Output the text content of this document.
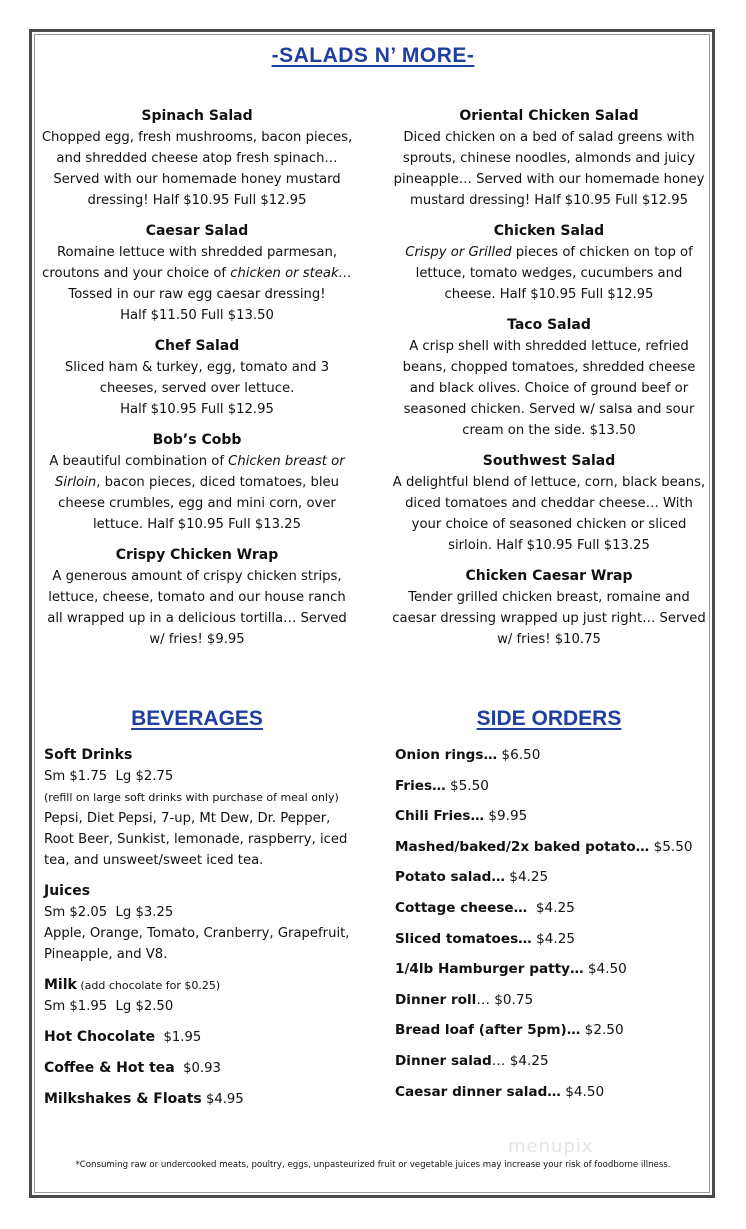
-SALADS N’ MORE-
Spinach Salad
Chopped egg, fresh mushrooms, bacon pieces,
and shredded cheese atop fresh spinach…
Served with our homemade honey mustard
dressing! Half $10.95 Full $12.95
Caesar Salad
Romaine lettuce with shredded parmesan,
croutons and your choice of chicken or steak…
Tossed in our raw egg caesar dressing!
Half $11.50 Full $13.50
Chef Salad
Sliced ham & turkey, egg, tomato and 3
cheeses, served over lettuce.
Half $10.95 Full $12.95
Bob’s Cobb
A beautiful combination of Chicken breast or
Sirloin, bacon pieces, diced tomatoes, bleu
cheese crumbles, egg and mini corn, over
lettuce. Half $10.95 Full $13.25
Crispy Chicken Wrap
A generous amount of crispy chicken strips,
lettuce, cheese, tomato and our house ranch
all wrapped up in a delicious tortilla… Served
w/ fries! $9.95
Oriental Chicken Salad
Diced chicken on a bed of salad greens with
sprouts, chinese noodles, almonds and juicy
pineapple… Served with our homemade honey
mustard dressing! Half $10.95 Full $12.95
Chicken Salad
Crispy or Grilled pieces of chicken on top of
lettuce, tomato wedges, cucumbers and
cheese. Half $10.95 Full $12.95
Taco Salad
A crisp shell with shredded lettuce, refried
beans, chopped tomatoes, shredded cheese
and black olives. Choice of ground beef or
seasoned chicken. Served w/ salsa and sour
cream on the side. $13.50
Southwest Salad
A delightful blend of lettuce, corn, black beans,
diced tomatoes and cheddar cheese… With
your choice of seasoned chicken or sliced
sirloin. Half $10.95 Full $13.25
Chicken Caesar Wrap
Tender grilled chicken breast, romaine and
caesar dressing wrapped up just right… Served
w/ fries! $10.75
BEVERAGES	SIDE ORDERS
Soft Drinks
Sm $1.75  Lg $2.75
(refill on large soft drinks with purchase of meal only)
Pepsi, Diet Pepsi, 7-up, Mt Dew, Dr. Pepper,
Root Beer, Sunkist, lemonade, raspberry, iced
tea, and unsweet/sweet iced tea.
Juices
Sm $2.05  Lg $3.25
Apple, Orange, Tomato, Cranberry, Grapefruit,
Pineapple, and V8.
Milk (add chocolate for $0.25)
Sm $1.95  Lg $2.50
Hot Chocolate  $1.95
Coffee & Hot tea  $0.93
Milkshakes & Floats $4.95
Onion rings… $6.50
Fries… $5.50
Chili Fries… $9.95
Mashed/baked/2x baked potato… $5.50
Potato salad… $4.25
Cottage cheese…  $4.25
Sliced tomatoes… $4.25
1/4lb Hamburger patty… $4.50
Dinner roll… $0.75
Bread loaf (after 5pm)… $2.50
Dinner salad… $4.25
Caesar dinner salad… $4.50
menupix
*Consuming raw or undercooked meats, poultry, eggs, unpasteurized fruit or vegetable juices may increase your risk of foodborne illness.
